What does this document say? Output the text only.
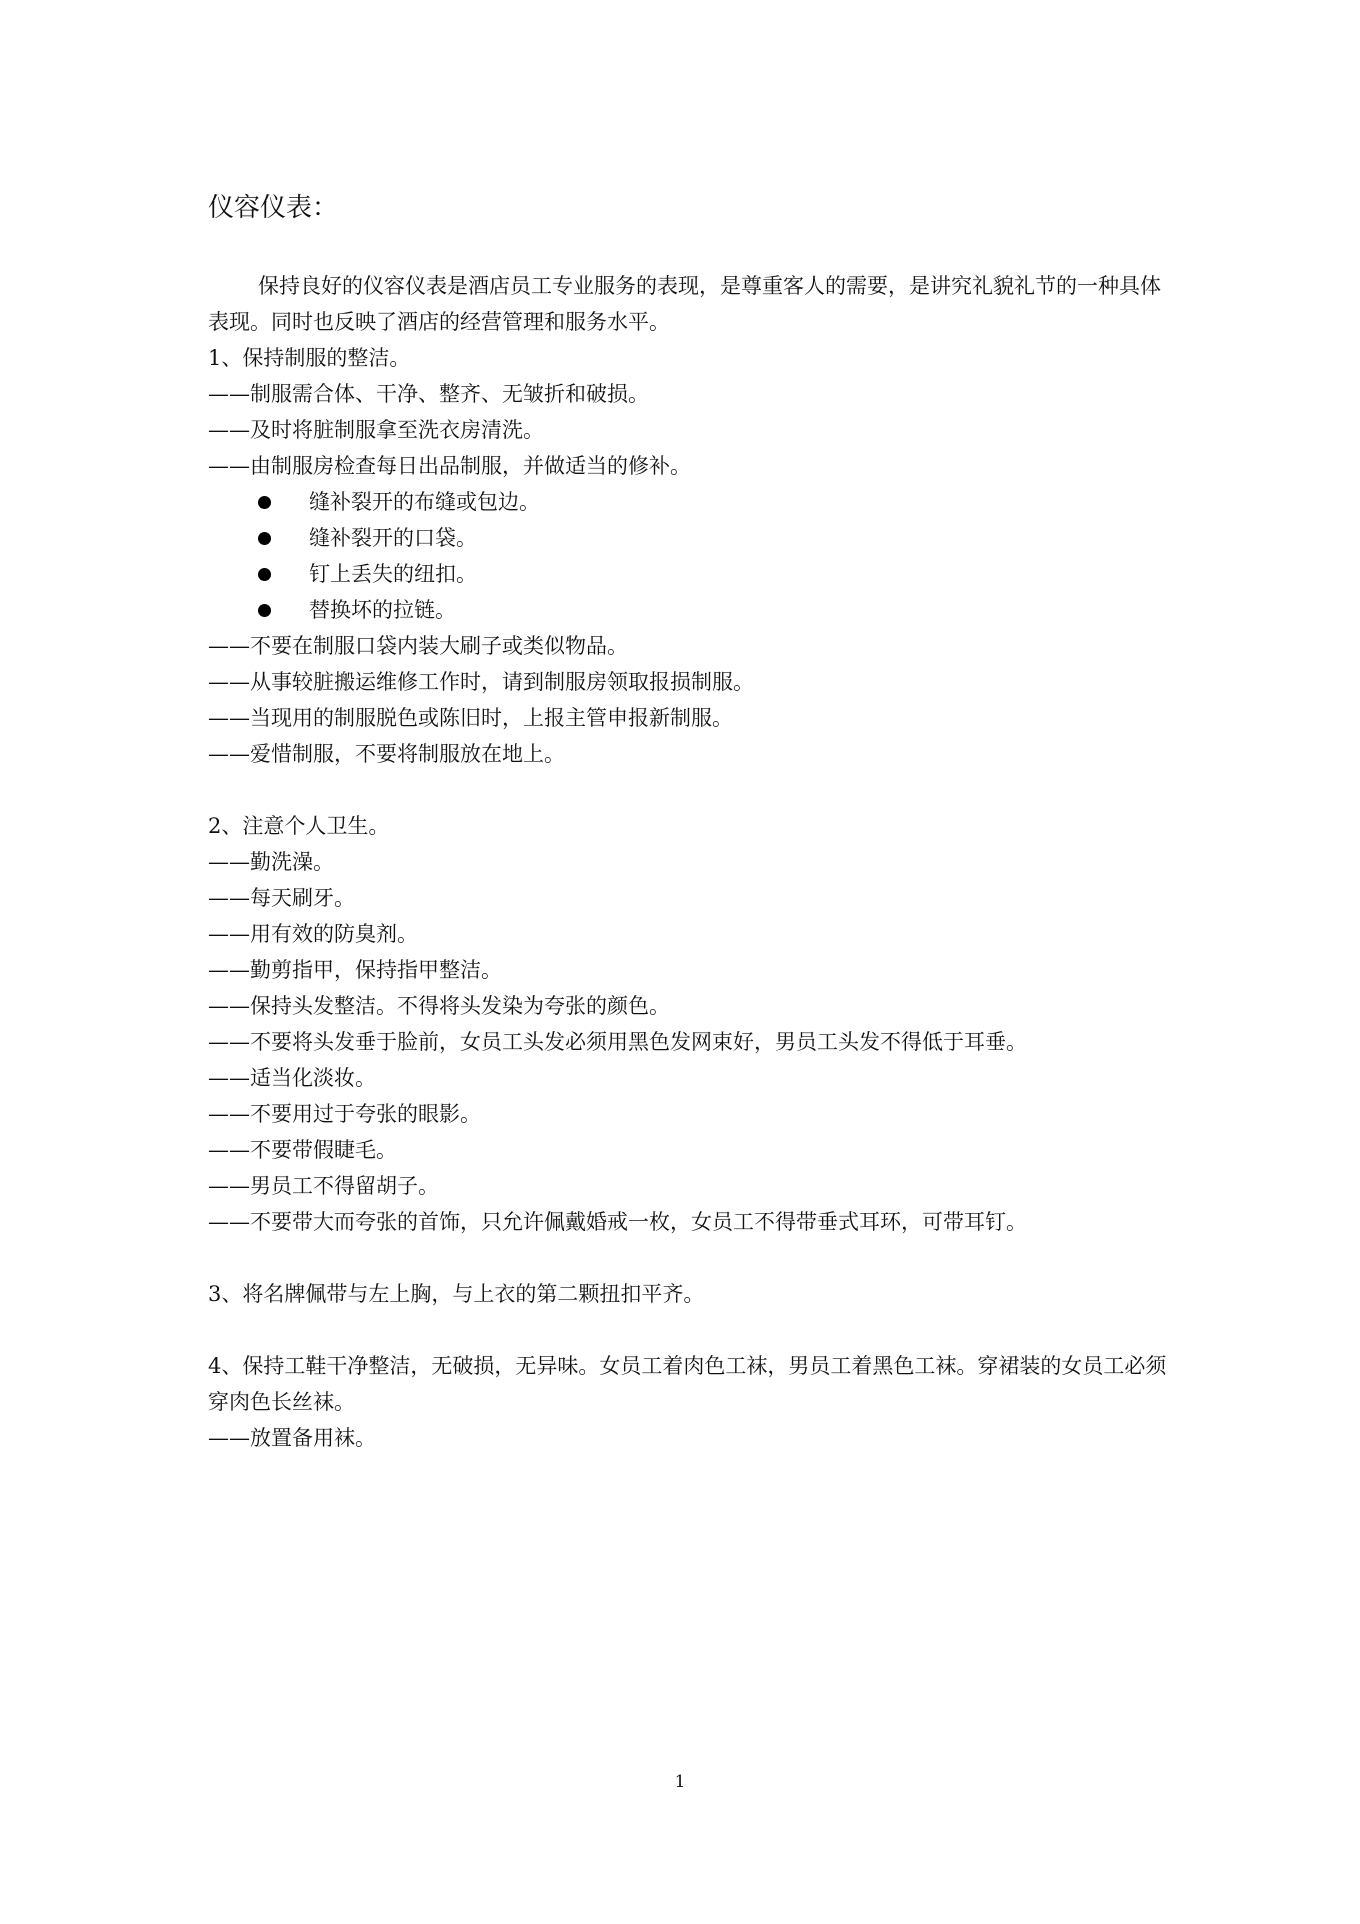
仪容仪表：

保持良好的仪容仪表是酒店员工专业服务的表现，是尊重客人的需要，是讲究礼貌礼节的一种具体表现。同时也反映了酒店的经营管理和服务水平。

1、保持制服的整洁。

——制服需合体、干净、整齐、无皱折和破损。

——及时将脏制服拿至洗衣房清洗。

——由制服房检查每日出品制服，并做适当的修补。

缝补裂开的布缝或包边。
缝补裂开的口袋。
钉上丢失的纽扣。
替换坏的拉链。

——不要在制服口袋内装大刷子或类似物品。

——从事较脏搬运维修工作时，请到制服房领取报损制服。

——当现用的制服脱色或陈旧时，上报主管申报新制服。

——爱惜制服，不要将制服放在地上。

2、注意个人卫生。

——勤洗澡。

——每天刷牙。

——用有效的防臭剂。

——勤剪指甲，保持指甲整洁。

——保持头发整洁。不得将头发染为夸张的颜色。

——不要将头发垂于脸前，女员工头发必须用黑色发网束好，男员工头发不得低于耳垂。

——适当化淡妆。

——不要用过于夸张的眼影。

——不要带假睫毛。

——男员工不得留胡子。

——不要带大而夸张的首饰，只允许佩戴婚戒一枚，女员工不得带垂式耳环，可带耳钉。

3、将名牌佩带与左上胸，与上衣的第二颗扭扣平齐。

4、保持工鞋干净整洁，无破损，无异味。女员工着肉色工袜，男员工着黑色工袜。穿裙装的女员工必须穿肉色长丝袜。

——放置备用袜。

1
